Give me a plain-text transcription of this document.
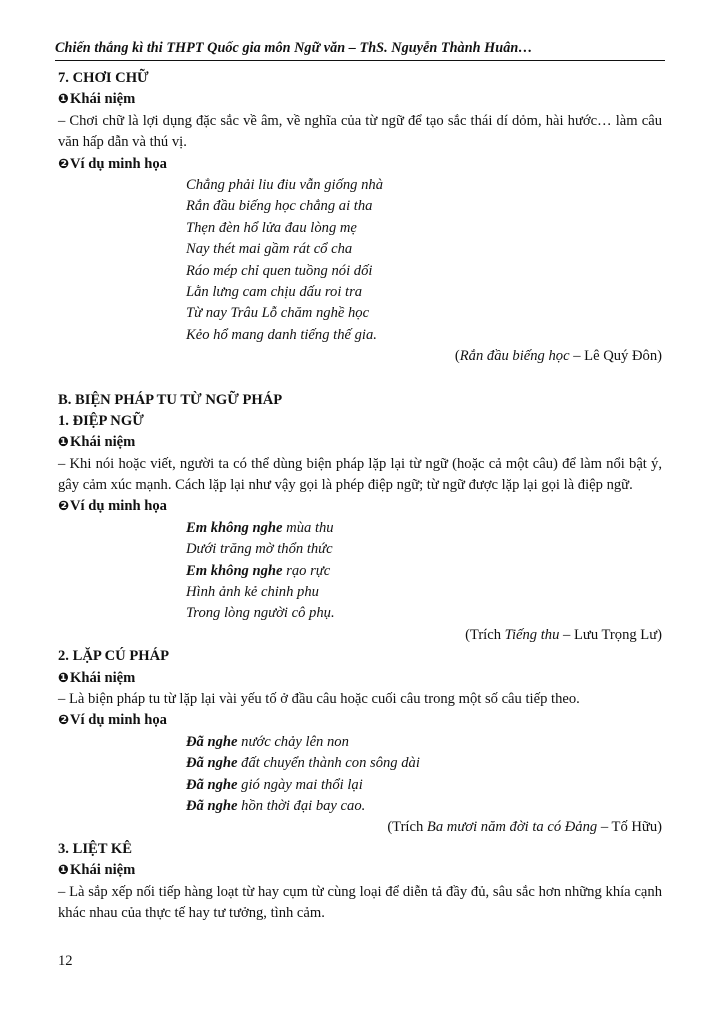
Chiến thắng kì thi THPT Quốc gia môn Ngữ văn – ThS. Nguyễn Thành Huân…
7. CHƠI CHỮ
❶Khái niệm

– Chơi chữ là lợi dụng đặc sắc về âm, về nghĩa của từ ngữ để tạo sắc thái dí dỏm, hài hước… làm câu văn hấp dẫn và thú vị.

❷Ví dụ minh họa
Chẳng phải liu điu vẫn giống nhà
Rắn đầu biếng học chẳng ai tha
Thẹn đèn hổ lửa đau lòng mẹ
Nay thét mai gầm rát cổ cha
Ráo mép chỉ quen tuồng nói dối
Lằn lưng cam chịu dấu roi tra
Từ nay Trâu Lỗ chăm nghề học
Kẻo hổ mang danh tiếng thế gia.
(Rắn đầu biếng học – Lê Quý Đôn)
B. BIỆN PHÁP TU TỪ NGỮ PHÁP
1. ĐIỆP NGỮ
❶Khái niệm

– Khi nói hoặc viết, người ta có thể dùng biện pháp lặp lại từ ngữ (hoặc cả một câu) để làm nổi bật ý, gây cảm xúc mạnh. Cách lặp lại như vậy gọi là phép điệp ngữ; từ ngữ được lặp lại gọi là điệp ngữ.

❷Ví dụ minh họa
Em không nghe mùa thu
Dưới trăng mờ thổn thức
Em không nghe rạo rực
Hình ảnh kẻ chinh phu
Trong lòng người cô phụ.
(Trích Tiếng thu – Lưu Trọng Lư)
2. LẶP CÚ PHÁP
❶Khái niệm

– Là biện pháp tu từ lặp lại vài yếu tố ở đầu câu hoặc cuối câu trong một số câu tiếp theo.

❷Ví dụ minh họa
Đã nghe nước chảy lên non
Đã nghe đất chuyển thành con sông dài
Đã nghe gió ngày mai thổi lại
Đã nghe hồn thời đại bay cao.
(Trích Ba mươi năm đời ta có Đảng – Tố Hữu)
3. LIỆT KÊ
❶Khái niệm

– Là sắp xếp nối tiếp hàng loạt từ hay cụm từ cùng loại để diễn tả đầy đủ, sâu sắc hơn những khía cạnh khác nhau của thực tế hay tư tưởng, tình cảm.

12
